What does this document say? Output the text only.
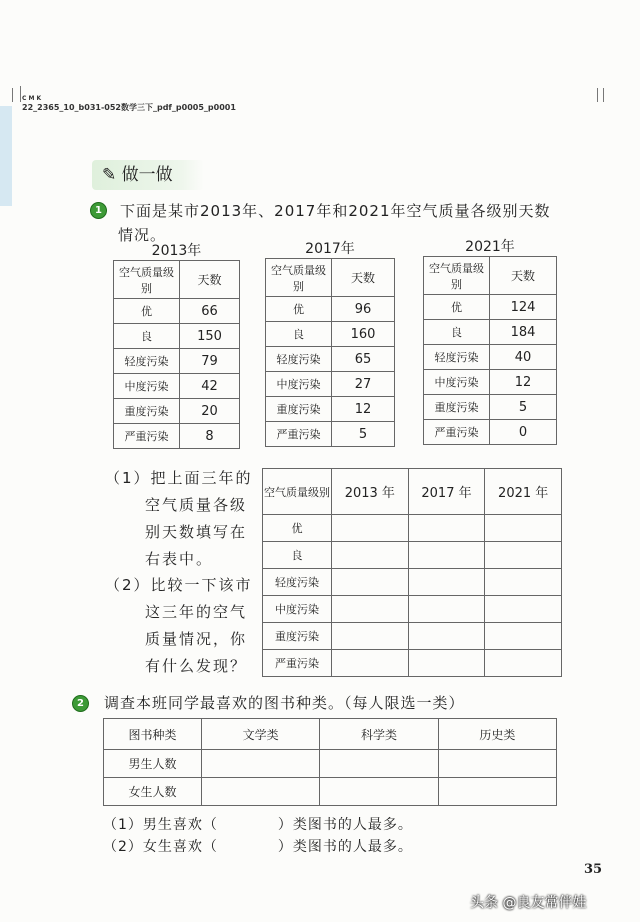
C M K
22_2365_10_b031-052数学三下_pdf_p0005_p0001
✎ 做一做
1	下面是某市2013年、2017年和2021年空气质量各级别天数
情况。
2013年
空气质量级别	天数
优	66
良	150
轻度污染	79
中度污染	42
重度污染	20
严重污染	8
2017年
空气质量级别	天数
优	96
良	160
轻度污染	65
中度污染	27
重度污染	12
严重污染	5
2021年
空气质量级别	天数
优	124
良	184
轻度污染	40
中度污染	12
重度污染	5
严重污染	0
（1）把上面三年的
空气质量各级
别天数填写在
右表中。
（2）比较一下该市
这三年的空气
质量情况，你
有什么发现？
空气质量级别	2013 年	2017 年	2021 年
优			
良			
轻度污染			
中度污染			
重度污染			
严重污染			
2	调查本班同学最喜欢的图书种类。（每人限选一类）
图书种类	文学类	科学类	历史类
男生人数			
女生人数			
（1）男生喜欢（　　　　）类图书的人最多。
（2）女生喜欢（　　　　）类图书的人最多。
35
头条 @良友常伴娃
